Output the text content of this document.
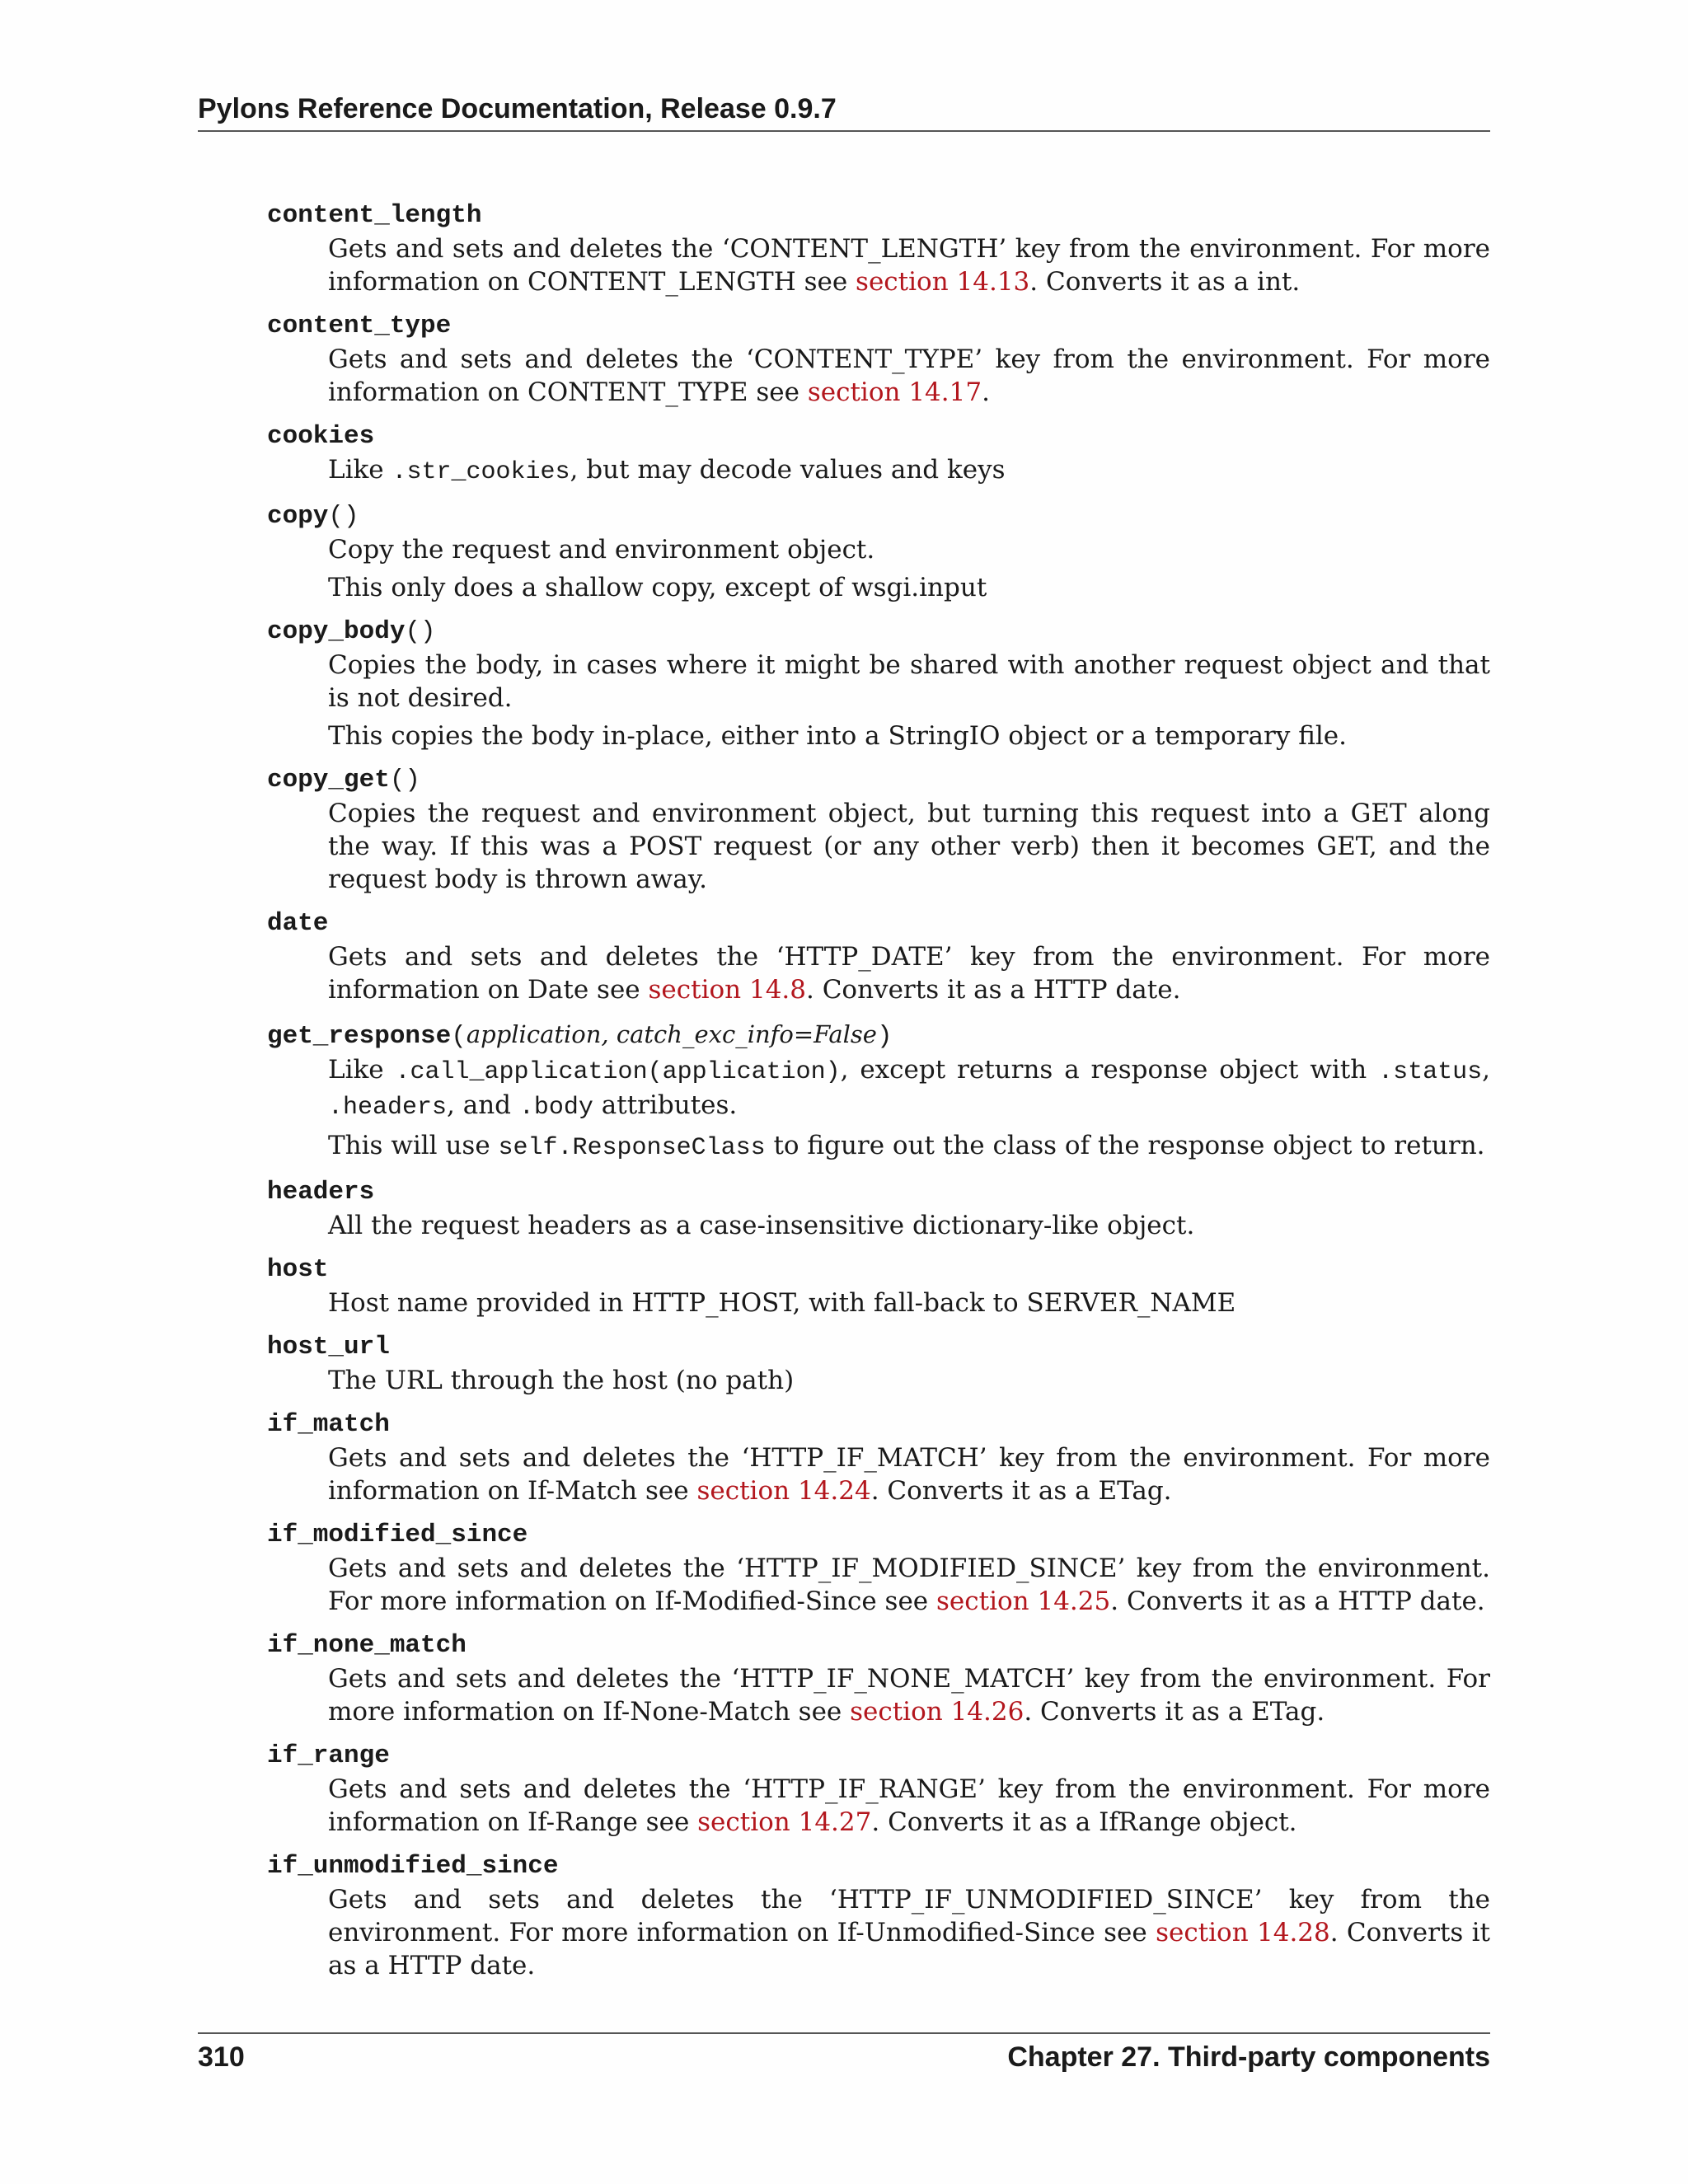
Pylons Reference Documentation, Release 0.9.7
content_length

Gets and sets and deletes the ‘CONTENT_LENGTH’ key from the environment. For more information on CONTENT_LENGTH see section 14.13. Converts it as a int.

content_type

Gets and sets and deletes the ‘CONTENT_TYPE’ key from the environment. For more information on CONTENT_TYPE see section 14.17.

cookies

Like .str_cookies, but may decode values and keys

copy()

Copy the request and environment object.

This only does a shallow copy, except of wsgi.input

copy_body()

Copies the body, in cases where it might be shared with another request object and that is not desired.

This copies the body in-place, either into a StringIO object or a temporary file.

copy_get()

Copies the request and environment object, but turning this request into a GET along the way. If this was a POST request (or any other verb) then it becomes GET, and the request body is thrown away.

date

Gets and sets and deletes the ‘HTTP_DATE’ key from the environment. For more information on Date see section 14.8. Converts it as a HTTP date.

get_response(application, catch_exc_info=False)

Like .call_application(application), except returns a response object with .status, .headers, and .body attributes.

This will use self.ResponseClass to figure out the class of the response object to return.

headers

All the request headers as a case-insensitive dictionary-like object.

host

Host name provided in HTTP_HOST, with fall-back to SERVER_NAME

host_url

The URL through the host (no path)

if_match

Gets and sets and deletes the ‘HTTP_IF_MATCH’ key from the environment. For more information on If-Match see section 14.24. Converts it as a ETag.

if_modified_since

Gets and sets and deletes the ‘HTTP_IF_MODIFIED_SINCE’ key from the environment. For more information on If-Modified-Since see section 14.25. Converts it as a HTTP date.

if_none_match

Gets and sets and deletes the ‘HTTP_IF_NONE_MATCH’ key from the environment. For more information on If-None-Match see section 14.26. Converts it as a ETag.

if_range

Gets and sets and deletes the ‘HTTP_IF_RANGE’ key from the environment. For more information on If-Range see section 14.27. Converts it as a IfRange object.

if_unmodified_since

Gets and sets and deletes the ‘HTTP_IF_UNMODIFIED_SINCE’ key from the environment. For more information on If-Unmodified-Since see section 14.28. Converts it as a HTTP date.

310	Chapter 27. Third-party components
